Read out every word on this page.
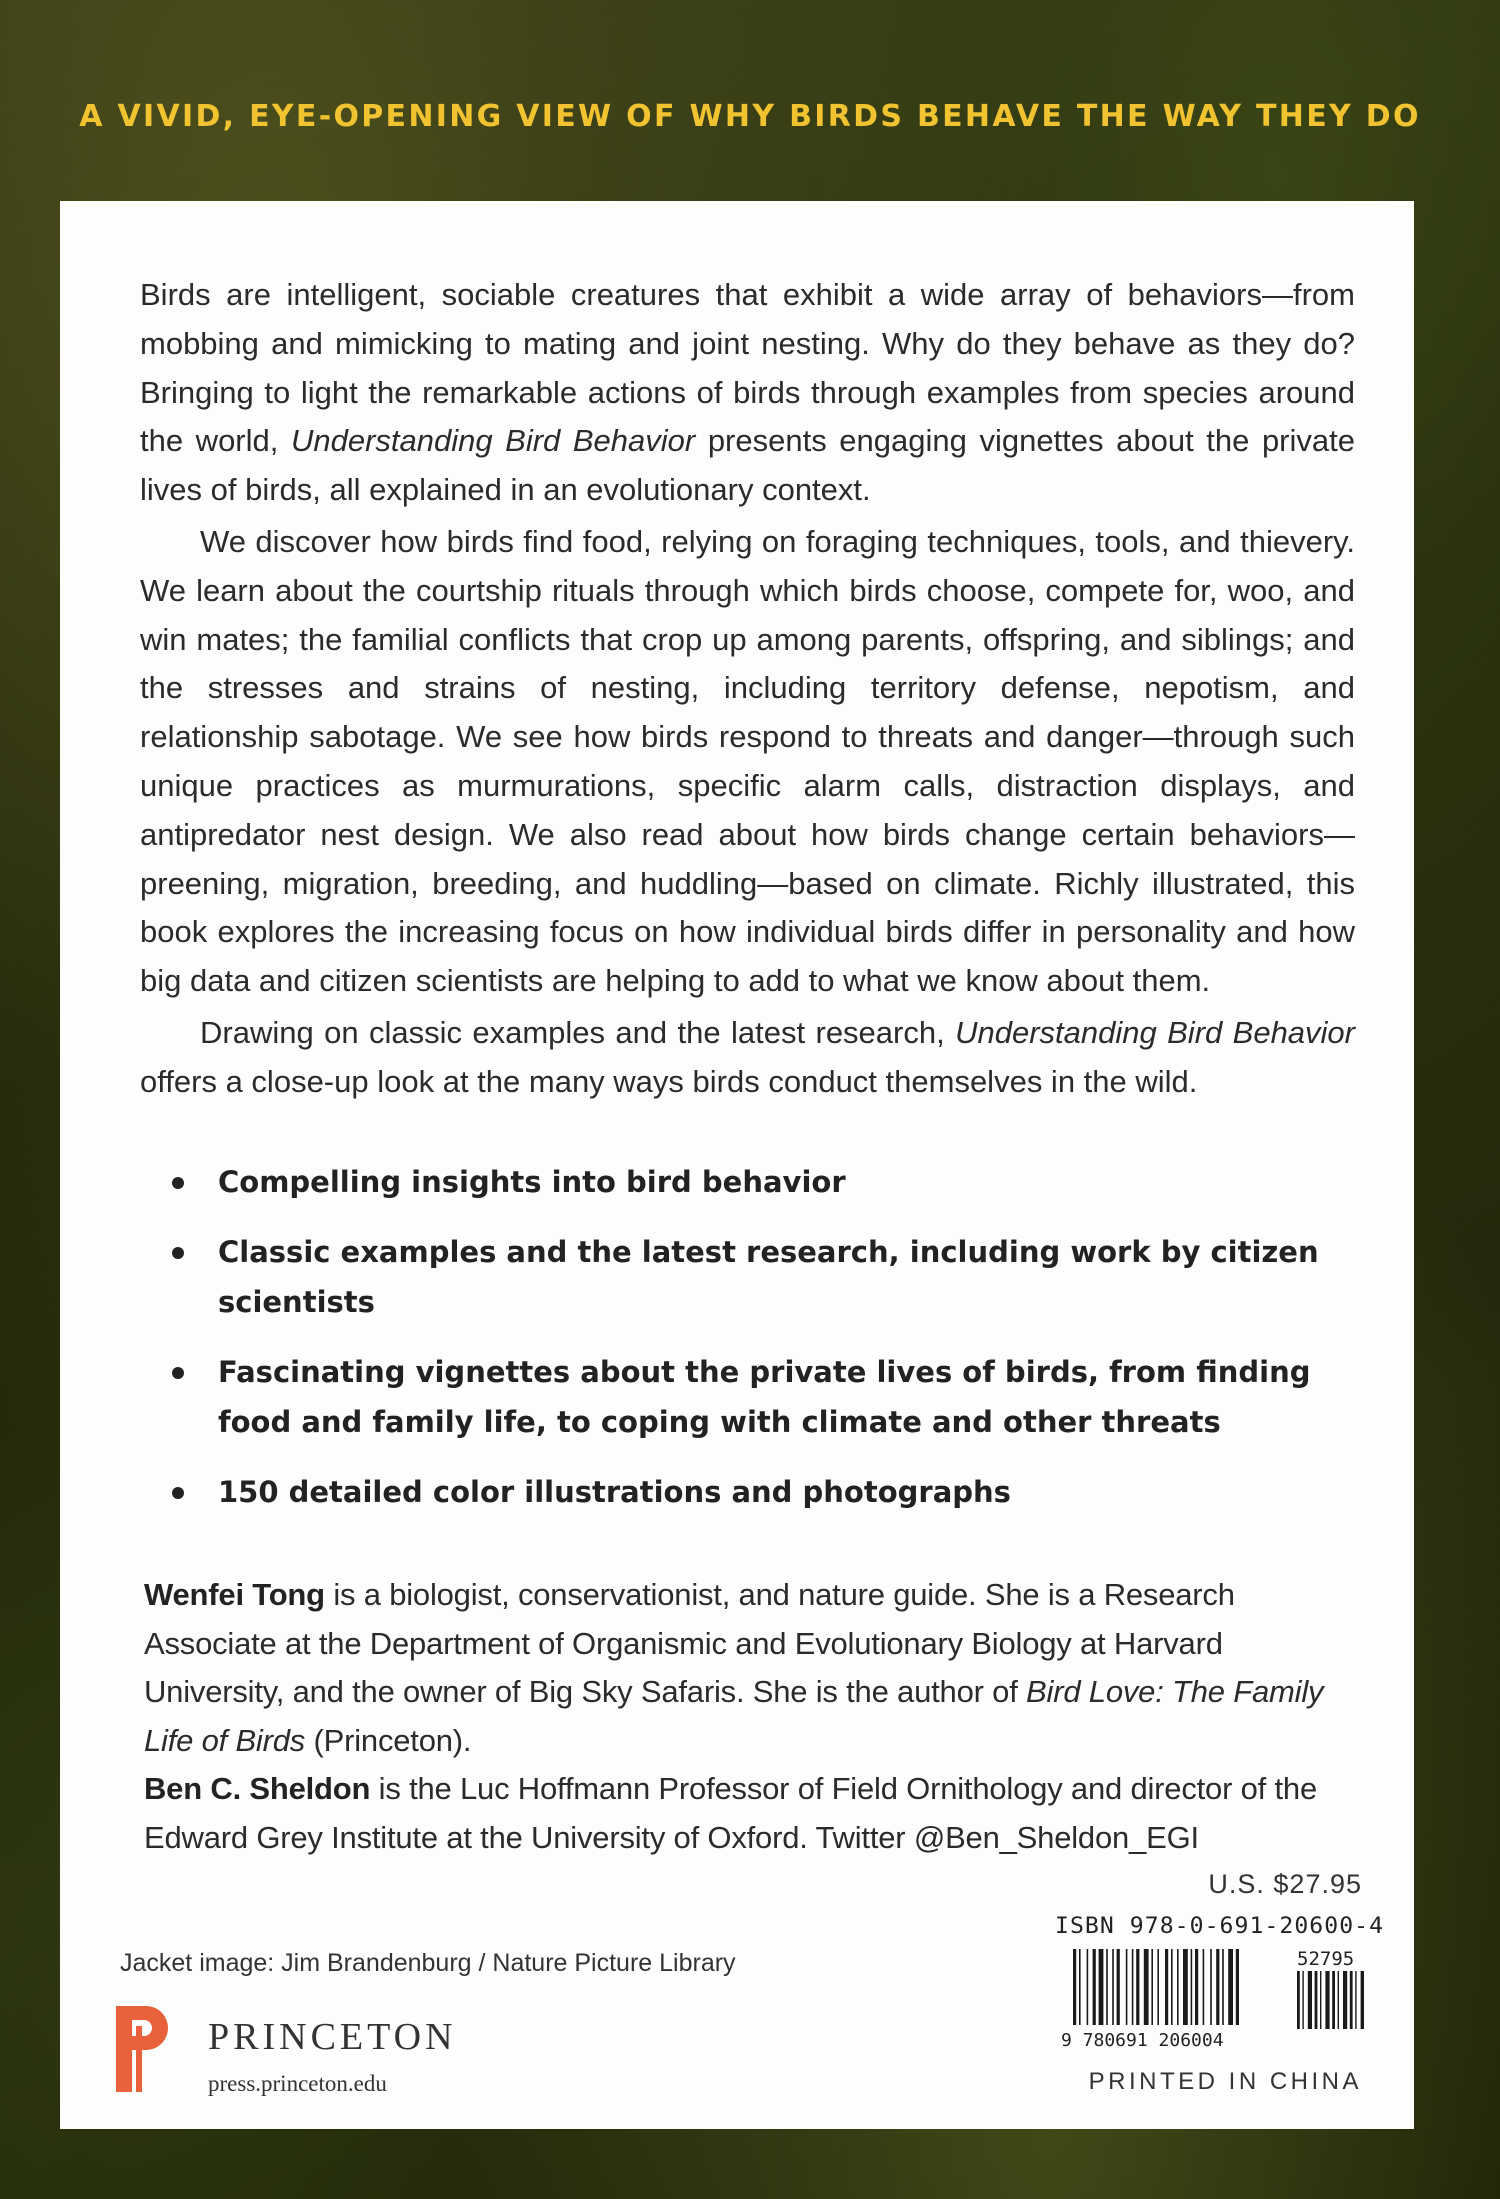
A VIVID, EYE-OPENING VIEW OF WHY BIRDS BEHAVE THE WAY THEY DO

Birds are intelligent, sociable creatures that exhibit a wide array of behaviors—from mobbing and mimicking to mating and joint nesting. Why do they behave as they do? Bringing to light the remarkable actions of birds through examples from species around the world, Understanding Bird Behavior presents engaging vignettes about the private lives of birds, all explained in an evolutionary context.

We discover how birds find food, relying on foraging techniques, tools, and thievery. We learn about the courtship rituals through which birds choose, compete for, woo, and win mates; the familial conflicts that crop up among parents, offspring, and siblings; and the stresses and strains of nesting, including territory defense, nepotism, and relationship sabotage. We see how birds respond to threats and danger—through such unique practices as murmurations, specific alarm calls, distraction displays, and antipredator nest design. We also read about how birds change certain behaviors—preening, migration, breeding, and huddling—based on climate. Richly illustrated, this book explores the increasing focus on how individual birds differ in personality and how big data and citizen scientists are helping to add to what we know about them.

Drawing on classic examples and the latest research, Understanding Bird Behavior offers a close-up look at the many ways birds conduct themselves in the wild.

Compelling insights into bird behavior
Classic examples and the latest research, including work by citizen scientists
Fascinating vignettes about the private lives of birds, from finding food and family life, to coping with climate and other threats
150 detailed color illustrations and photographs
Wenfei Tong is a biologist, conservationist, and nature guide. She is a Research Associate at the Department of Organismic and Evolutionary Biology at Harvard University, and the owner of Big Sky Safaris. She is the author of Bird Love: The Family Life of Birds (Princeton).
Ben C. Sheldon is the Luc Hoffmann Professor of Field Ornithology and director of the Edward Grey Institute at the University of Oxford. Twitter @Ben_Sheldon_EGI
U.S. $27.95
Jacket image: Jim Brandenburg / Nature Picture Library
PRINCETON
press.princeton.edu
ISBN 978-0-691-20600-4
9 780691 206004
52795
PRINTED IN CHINA
